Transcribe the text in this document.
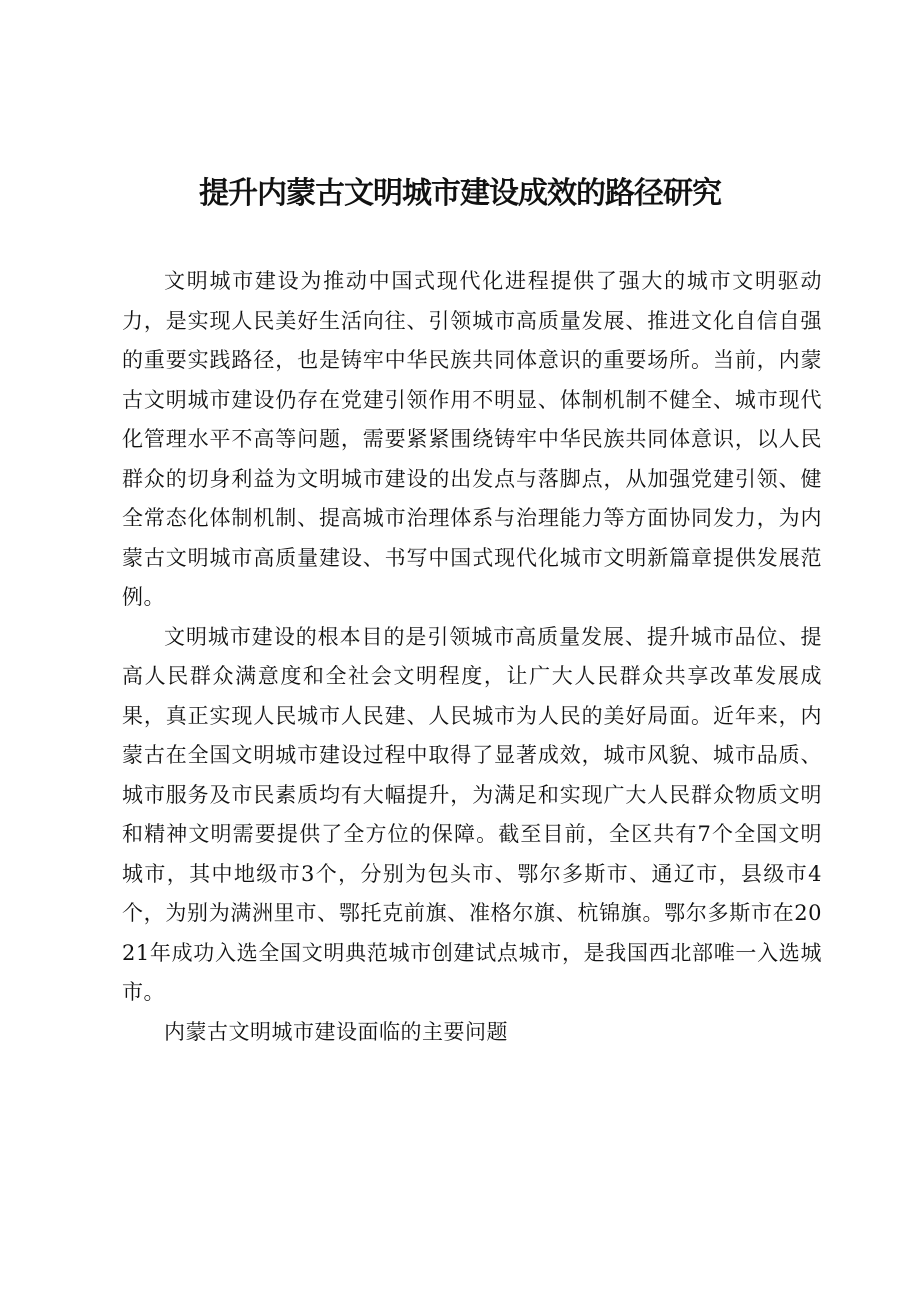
提升内蒙古文明城市建设成效的路径研究

文明城市建设为推动中国式现代化进程提供了强大的城市文明驱动力，是实现人民美好生活向往、引领城市高质量发展、推进文化自信自强的重要实践路径，也是铸牢中华民族共同体意识的重要场所。当前，内蒙古文明城市建设仍存在党建引领作用不明显、体制机制不健全、城市现代化管理水平不高等问题，需要紧紧围绕铸牢中华民族共同体意识，以人民群众的切身利益为文明城市建设的出发点与落脚点，从加强党建引领、健全常态化体制机制、提高城市治理体系与治理能力等方面协同发力，为内蒙古文明城市高质量建设、书写中国式现代化城市文明新篇章提供发展范例。

文明城市建设的根本目的是引领城市高质量发展、提升城市品位、提高人民群众满意度和全社会文明程度，让广大人民群众共享改革发展成果，真正实现人民城市人民建、人民城市为人民的美好局面。近年来，内蒙古在全国文明城市建设过程中取得了显著成效，城市风貌、城市品质、城市服务及市民素质均有大幅提升，为满足和实现广大人民群众物质文明和精神文明需要提供了全方位的保障。截至目前，全区共有7个全国文明城市，其中地级市3个，分别为包头市、鄂尔多斯市、通辽市，县级市4个，为别为满洲里市、鄂托克前旗、准格尔旗、杭锦旗。鄂尔多斯市在2021年成功入选全国文明典范城市创建试点城市，是我国西北部唯一入选城市。

内蒙古文明城市建设面临的主要问题
